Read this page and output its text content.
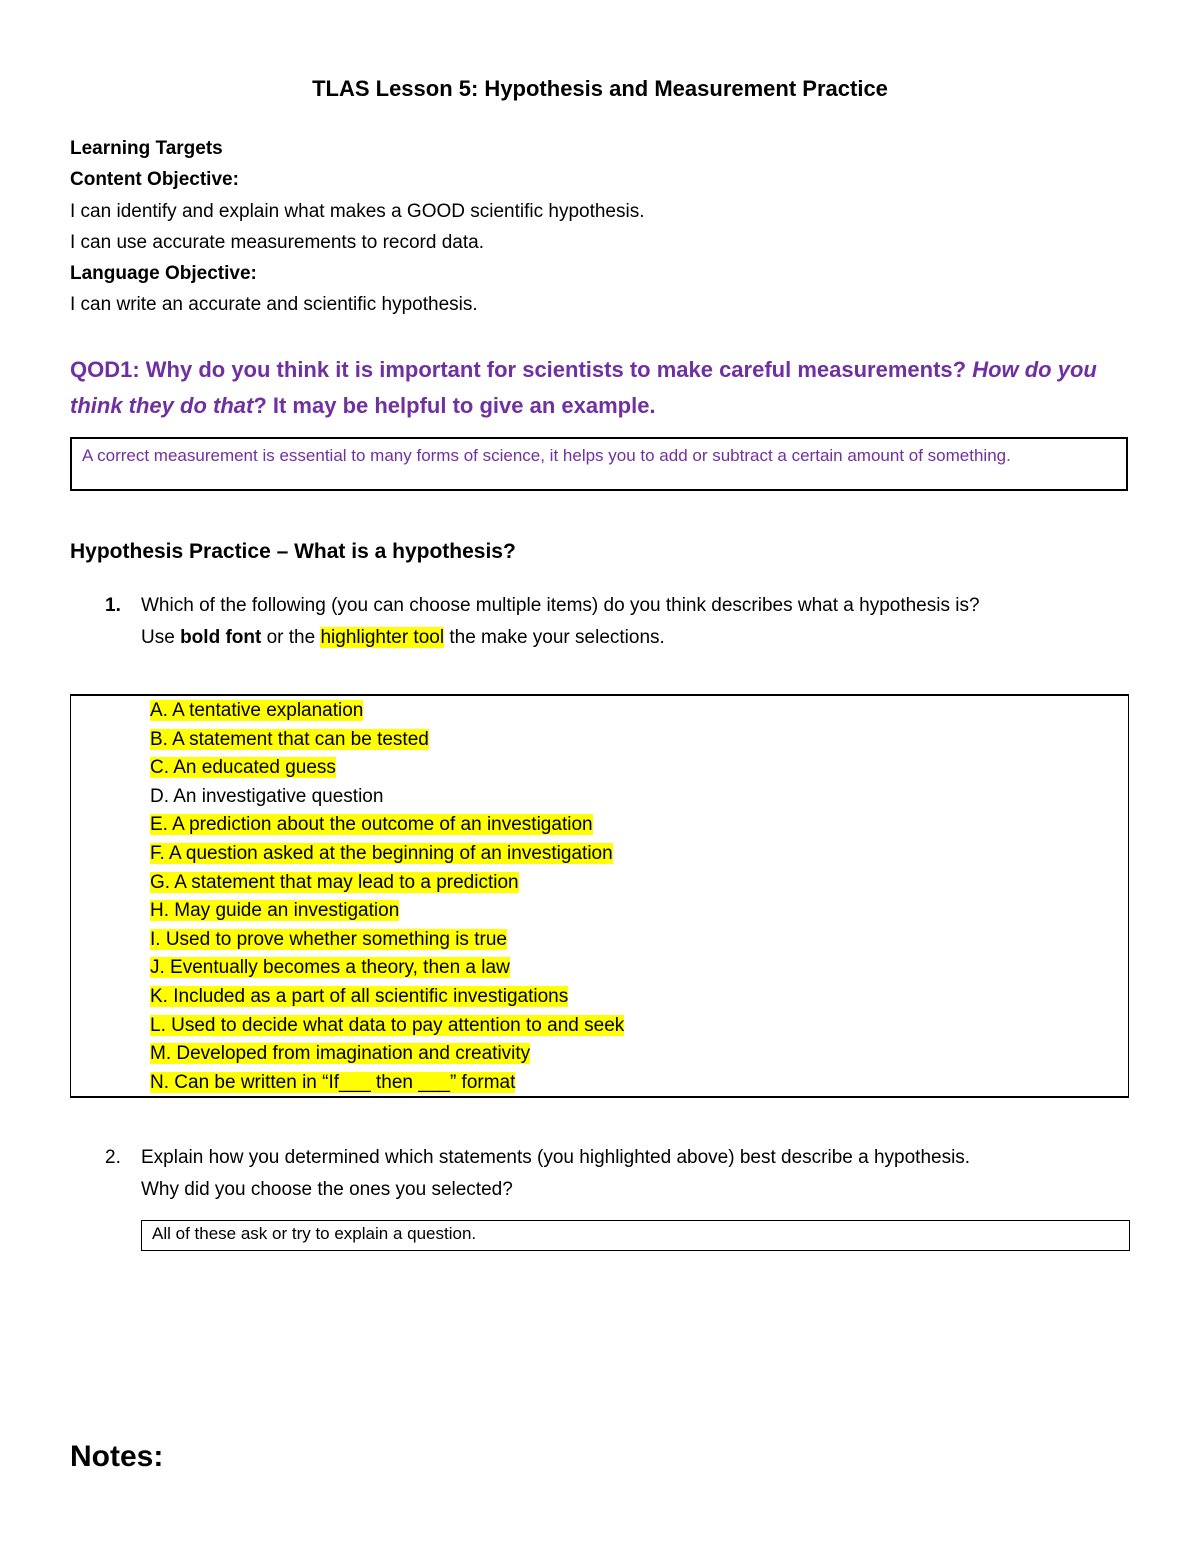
TLAS Lesson 5: Hypothesis and Measurement Practice
Learning Targets
Content Objective:
I can identify and explain what makes a GOOD scientific hypothesis.
I can use accurate measurements to record data.
Language Objective:
I can write an accurate and scientific hypothesis.
QOD1: Why do you think it is important for scientists to make careful measurements? How do you think they do that? It may be helpful to give an example.
A correct measurement is essential to many forms of science, it helps you to add or subtract a certain amount of something.
Hypothesis Practice – What is a hypothesis?
1. Which of the following (you can choose multiple items) do you think describes what a hypothesis is?
Use bold font or the highlighter tool the make your selections.
A. A tentative explanation
B. A statement that can be tested
C. An educated guess
D. An investigative question
E. A prediction about the outcome of an investigation
F. A question asked at the beginning of an investigation
G. A statement that may lead to a prediction
H. May guide an investigation
I. Used to prove whether something is true
J. Eventually becomes a theory, then a law
K. Included as a part of all scientific investigations
L. Used to decide what data to pay attention to and seek
M. Developed from imagination and creativity
N. Can be written in “If___ then ___” format
2. Explain how you determined which statements (you highlighted above) best describe a hypothesis.
Why did you choose the ones you selected?
All of these ask or try to explain a question.
Notes:
